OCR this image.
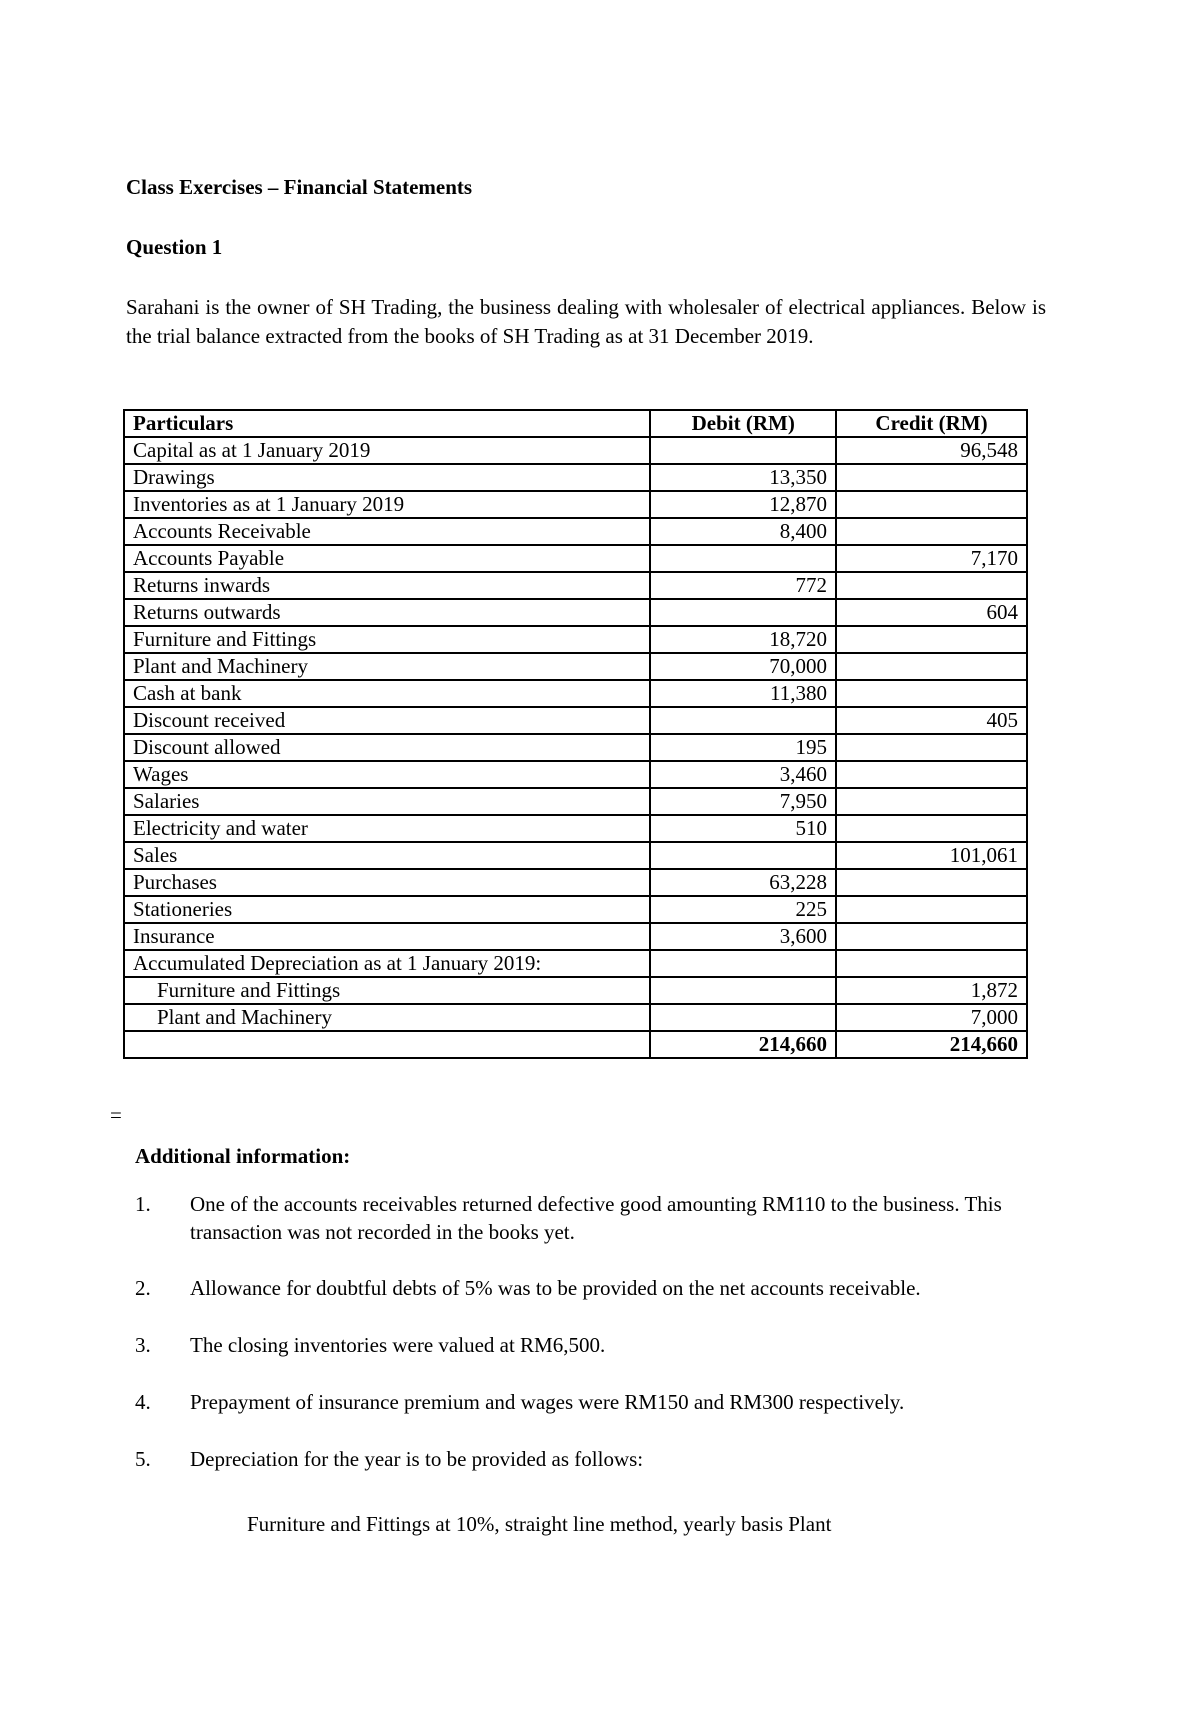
Class Exercises – Financial Statements
Question 1
Sarahani is the owner of SH Trading, the business dealing with wholesaler of electrical appliances. Below is the trial balance extracted from the books of SH Trading as at 31 December 2019.
Particulars	Debit (RM)	Credit (RM)
Capital as at 1 January 2019		96,548
Drawings	13,350	
Inventories as at 1 January 2019	12,870	
Accounts Receivable	8,400	
Accounts Payable		7,170
Returns inwards	772	
Returns outwards		604
Furniture and Fittings	18,720	
Plant and Machinery	70,000	
Cash at bank	11,380	
Discount received		405
Discount allowed	195	
Wages	3,460	
Salaries	7,950	
Electricity and water	510	
Sales		101,061
Purchases	63,228	
Stationeries	225	
Insurance	3,600	
Accumulated Depreciation as at 1 January 2019:		
Furniture and Fittings		1,872
Plant and Machinery		7,000
	214,660	214,660
=
Additional information:
1.	One of the accounts receivables returned defective good amounting RM110 to the business. This transaction was not recorded in the books yet.
2.	Allowance for doubtful debts of 5% was to be provided on the net accounts receivable.
3.	The closing inventories were valued at RM6,500.
4.	Prepayment of insurance premium and wages were RM150 and RM300 respectively.
5.	Depreciation for the year is to be provided as follows:
Furniture and Fittings at 10%, straight line method, yearly basis Plant
